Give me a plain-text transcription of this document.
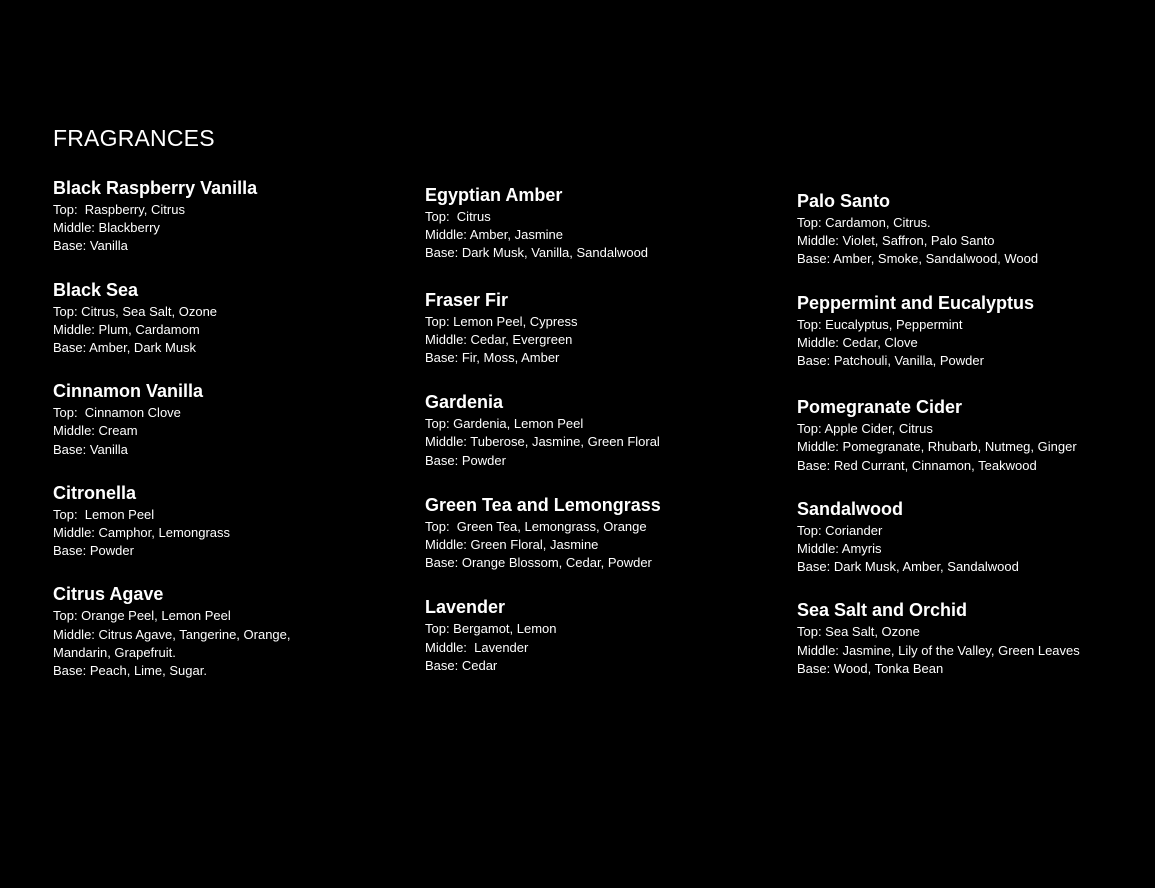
FRAGRANCES
Black Raspberry Vanilla

Top:  Raspberry, Citrus

Middle: Blackberry

Base: Vanilla

Black Sea

Top: Citrus, Sea Salt, Ozone

Middle: Plum, Cardamom

Base: Amber, Dark Musk

Cinnamon Vanilla

Top:  Cinnamon Clove

Middle: Cream

Base: Vanilla

Citronella

Top:  Lemon Peel

Middle: Camphor, Lemongrass

Base: Powder

Citrus Agave

Top: Orange Peel, Lemon Peel

Middle: Citrus Agave, Tangerine, Orange,

Mandarin, Grapefruit.

Base: Peach, Lime, Sugar.

Egyptian Amber

Top:  Citrus

Middle: Amber, Jasmine

Base: Dark Musk, Vanilla, Sandalwood

Fraser Fir

Top: Lemon Peel, Cypress

Middle: Cedar, Evergreen

Base: Fir, Moss, Amber

Gardenia

Top: Gardenia, Lemon Peel

Middle: Tuberose, Jasmine, Green Floral

Base: Powder

Green Tea and Lemongrass

Top:  Green Tea, Lemongrass, Orange

Middle: Green Floral, Jasmine

Base: Orange Blossom, Cedar, Powder

Lavender

Top: Bergamot, Lemon

Middle:  Lavender

Base: Cedar

Palo Santo

Top: Cardamon, Citrus.

Middle: Violet, Saffron, Palo Santo

Base: Amber, Smoke, Sandalwood, Wood

Peppermint and Eucalyptus

Top: Eucalyptus, Peppermint

Middle: Cedar, Clove

Base: Patchouli, Vanilla, Powder

Pomegranate Cider

Top: Apple Cider, Citrus

Middle: Pomegranate, Rhubarb, Nutmeg, Ginger

Base: Red Currant, Cinnamon, Teakwood

Sandalwood

Top: Coriander

Middle: Amyris

Base: Dark Musk, Amber, Sandalwood

Sea Salt and Orchid

Top: Sea Salt, Ozone

Middle: Jasmine, Lily of the Valley, Green Leaves

Base: Wood, Tonka Bean
